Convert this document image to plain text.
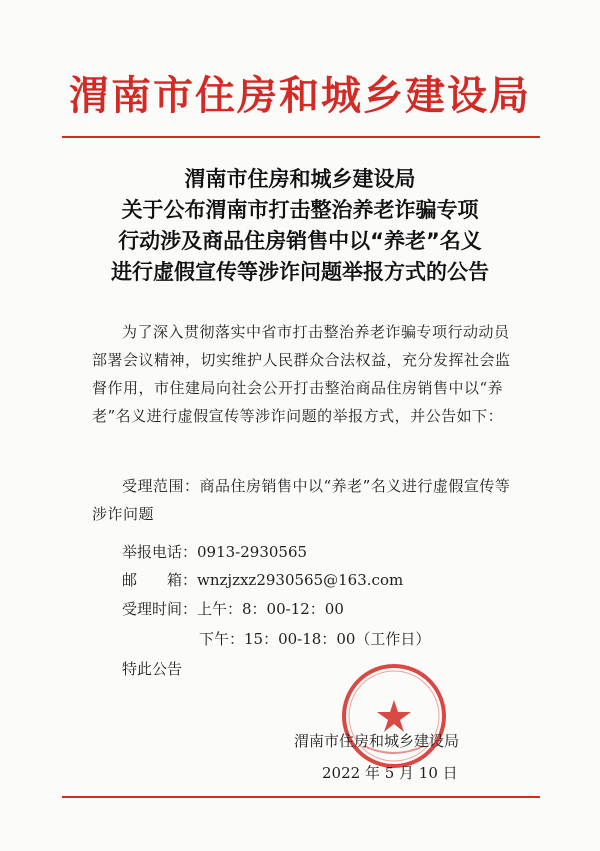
渭南市住房和城乡建设局
渭南市住房和城乡建设局
关于公布渭南市打击整治养老诈骗专项
行动涉及商品住房销售中以“养老”名义
进行虚假宣传等涉诈问题举报方式的公告
为了深入贯彻落实中省市打击整治养老诈骗专项行动动员部署会议精神，切实维护人民群众合法权益，充分发挥社会监督作用，市住建局向社会公开打击整治商品住房销售中以“养老”名义进行虚假宣传等涉诈问题的举报方式，并公告如下：
受理范围：商品住房销售中以“养老”名义进行虚假宣传等涉诈问题
举报电话：0913-2930565
邮　　箱：wnzjzxz2930565@163.com
受理时间：上午：8：00-12：00
下午：15：00-18：00（工作日）
特此公告
渭南市住房和城乡建设局
2022 年 5 月 10 日
